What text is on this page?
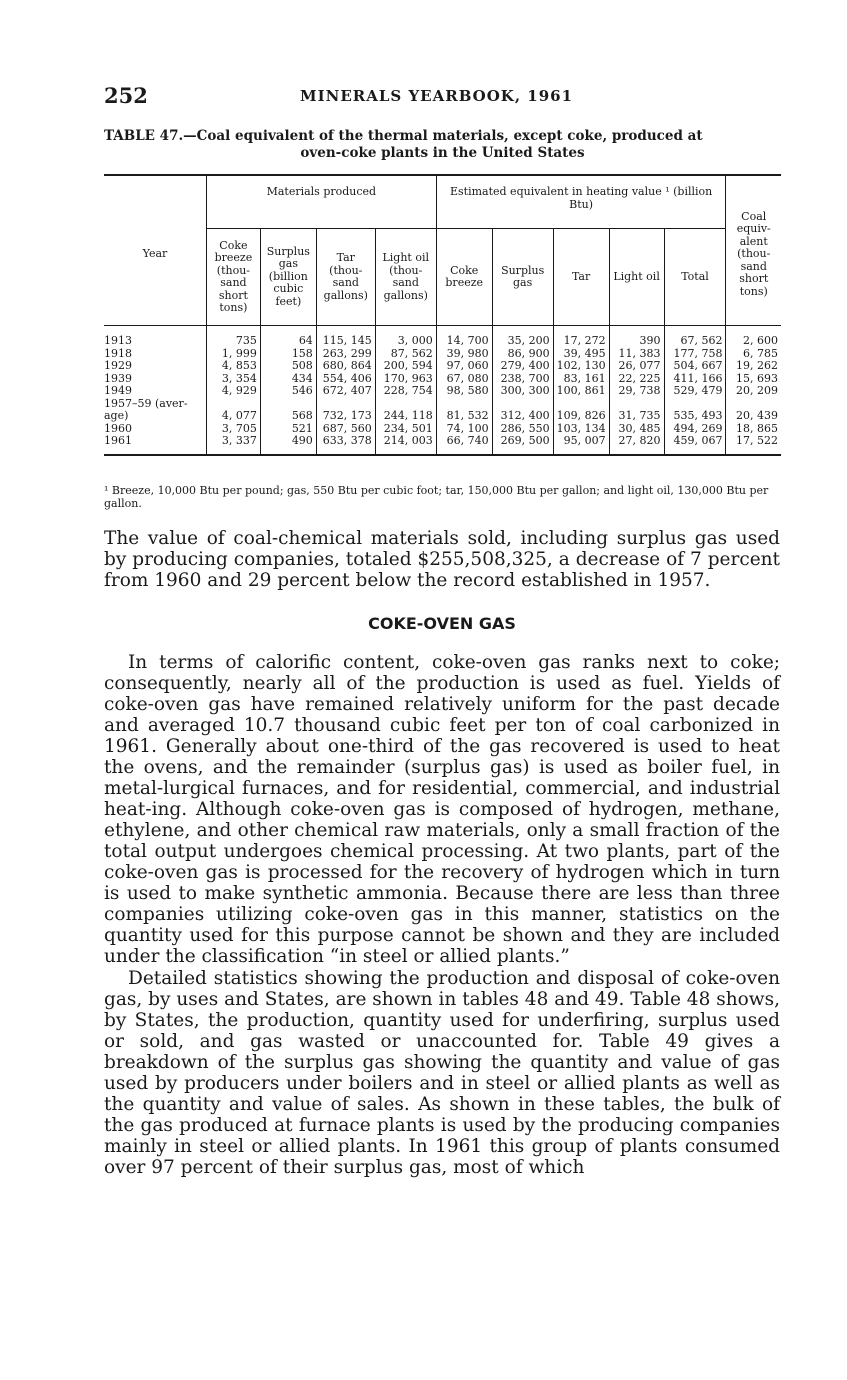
252	MINERALS YEARBOOK, 1961
TABLE 47.—Coal equivalent of the thermal materials, except coke, produced at
oven-coke plants in the United States
Year	Materials produced				Estimated equivalent in heating value ¹ (billion Btu)					Coal equiv-alent (thou-sand short tons)
	Coke breeze (thou-sand short tons)	Surplus gas (billion cubic feet)	Tar (thou-sand gallons)	Light oil (thou-sand gallons)	Coke breeze	Surplus gas	Tar	Light oil	Total	
1913	735	64	115, 145	3, 000	14, 700	35, 200	17, 272	390	67, 562	2, 600
1918	1, 999	158	263, 299	87, 562	39, 980	86, 900	39, 495	11, 383	177, 758	6, 785
1929	4, 853	508	680, 864	200, 594	97, 060	279, 400	102, 130	26, 077	504, 667	19, 262
1939	3, 354	434	554, 406	170, 963	67, 080	238, 700	83, 161	22, 225	411, 166	15, 693
1949	4, 929	546	672, 407	228, 754	98, 580	300, 300	100, 861	29, 738	529, 479	20, 209
1957–59 (aver-age)	4, 077	568	732, 173	244, 118	81, 532	312, 400	109, 826	31, 735	535, 493	20, 439
1960	3, 705	521	687, 560	234, 501	74, 100	286, 550	103, 134	30, 485	494, 269	18, 865
1961	3, 337	490	633, 378	214, 003	66, 740	269, 500	95, 007	27, 820	459, 067	17, 522
¹ Breeze, 10,000 Btu per pound; gas, 550 Btu per cubic foot; tar, 150,000 Btu per gallon; and light oil, 130,000 Btu per gallon.

The value of coal-chemical materials sold, including surplus gas used by producing companies, totaled $255,508,325, a decrease of 7 percent from 1960 and 29 percent below the record established in 1957.

COKE-OVEN GAS

In terms of calorific content, coke-oven gas ranks next to coke; consequently, nearly all of the production is used as fuel. Yields of coke-oven gas have remained relatively uniform for the past decade and averaged 10.7 thousand cubic feet per ton of coal carbonized in 1961. Generally about one-third of the gas recovered is used to heat the ovens, and the remainder (surplus gas) is used as boiler fuel, in metal-lurgical furnaces, and for residential, commercial, and industrial heat-ing. Although coke-oven gas is composed of hydrogen, methane, ethylene, and other chemical raw materials, only a small fraction of the total output undergoes chemical processing. At two plants, part of the coke-oven gas is processed for the recovery of hydrogen which in turn is used to make synthetic ammonia. Because there are less than three companies utilizing coke-oven gas in this manner, statistics on the quantity used for this purpose cannot be shown and they are included under the classification “in steel or allied plants.”

Detailed statistics showing the production and disposal of coke-oven gas, by uses and States, are shown in tables 48 and 49. Table 48 shows, by States, the production, quantity used for underfiring, surplus used or sold, and gas wasted or unaccounted for. Table 49 gives a breakdown of the surplus gas showing the quantity and value of gas used by producers under boilers and in steel or allied plants as well as the quantity and value of sales. As shown in these tables, the bulk of the gas produced at furnace plants is used by the producing companies mainly in steel or allied plants. In 1961 this group of plants consumed over 97 percent of their surplus gas, most of which
